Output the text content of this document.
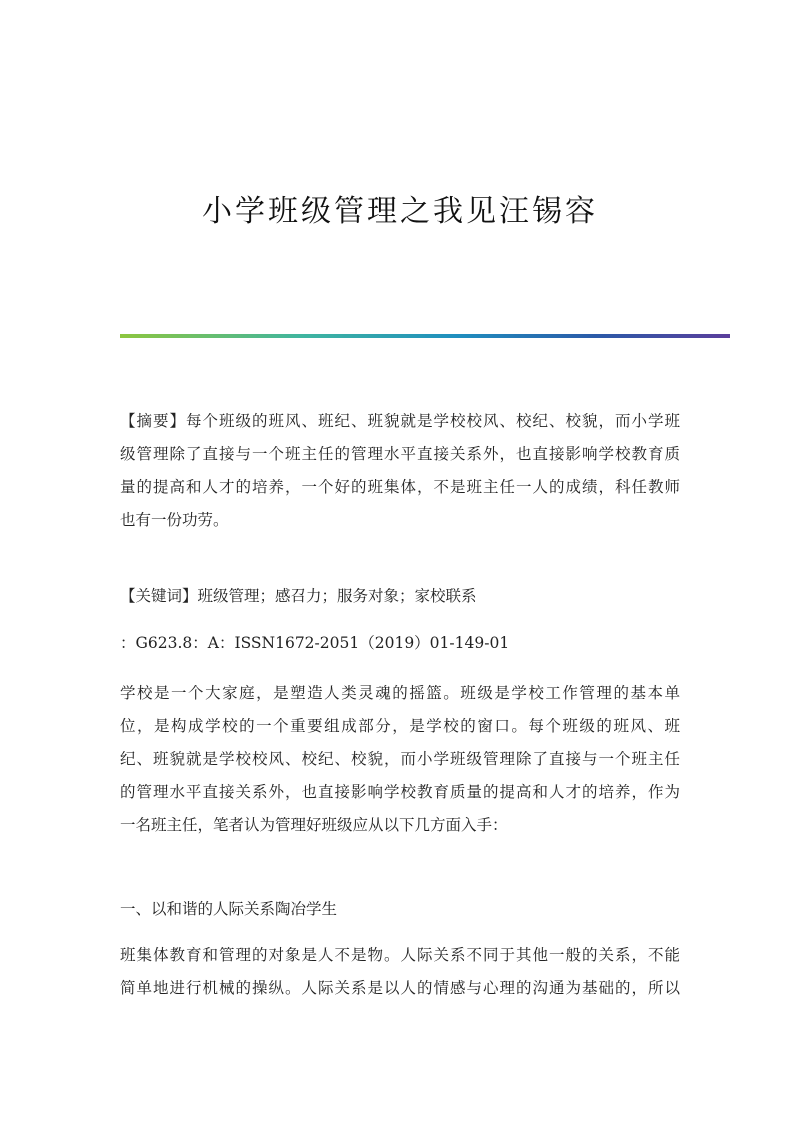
小学班级管理之我见汪锡容
【摘要】每个班级的班风、班纪、班貌就是学校校风、校纪、校貌，而小学班
级管理除了直接与一个班主任的管理水平直接关系外，也直接影响学校教育质
量的提高和人才的培养，一个好的班集体，不是班主任一人的成绩，科任教师
也有一份功劳。
【关键词】班级管理；感召力；服务对象；家校联系
：G623.8：A：ISSN1672-2051（2019）01-149-01
学校是一个大家庭，是塑造人类灵魂的摇篮。班级是学校工作管理的基本单
位，是构成学校的一个重要组成部分，是学校的窗口。每个班级的班风、班
纪、班貌就是学校校风、校纪、校貌，而小学班级管理除了直接与一个班主任
的管理水平直接关系外，也直接影响学校教育质量的提高和人才的培养，作为
一名班主任，笔者认为管理好班级应从以下几方面入手：
一、以和谐的人际关系陶冶学生
班集体教育和管理的对象是人不是物。人际关系不同于其他一般的关系，不能
简单地进行机械的操纵。人际关系是以人的情感与心理的沟通为基础的，所以
